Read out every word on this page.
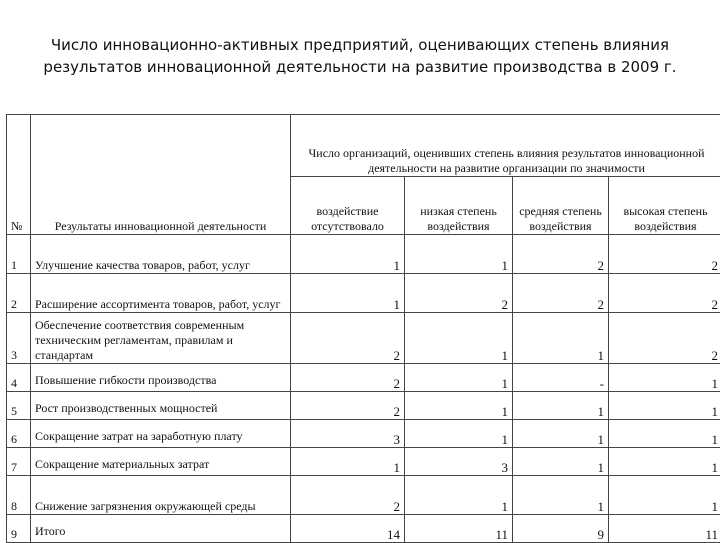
Число инновационно-активных предприятий, оценивающих степень влияния
результатов инновационной деятельности на развитие производства в 2009 г.
№	Результаты инновационной деятельности	Число организаций, оценивших степень влияния результатов инновационной деятельности на развитие организации по значимости			
		воздействие отсутствовало	низкая степень воздействия	средняя степень воздействия	высокая степень воздействия
1	Улучшение качества товаров, работ, услуг	1	1	2	2
2	Расширение ассортимента товаров, работ, услуг	1	2	2	2
3	Обеспечение соответствия современным техническим регламентам, правилам и стандартам	2	1	1	2
4	Повышение гибкости производства	2	1	-	1
5	Рост производственных мощностей	2	1	1	1
6	Сокращение затрат на заработную плату	3	1	1	1
7	Сокращение материальных затрат	1	3	1	1
8	Снижение загрязнения окружающей среды	2	1	1	1
9	Итого	14	11	9	11
